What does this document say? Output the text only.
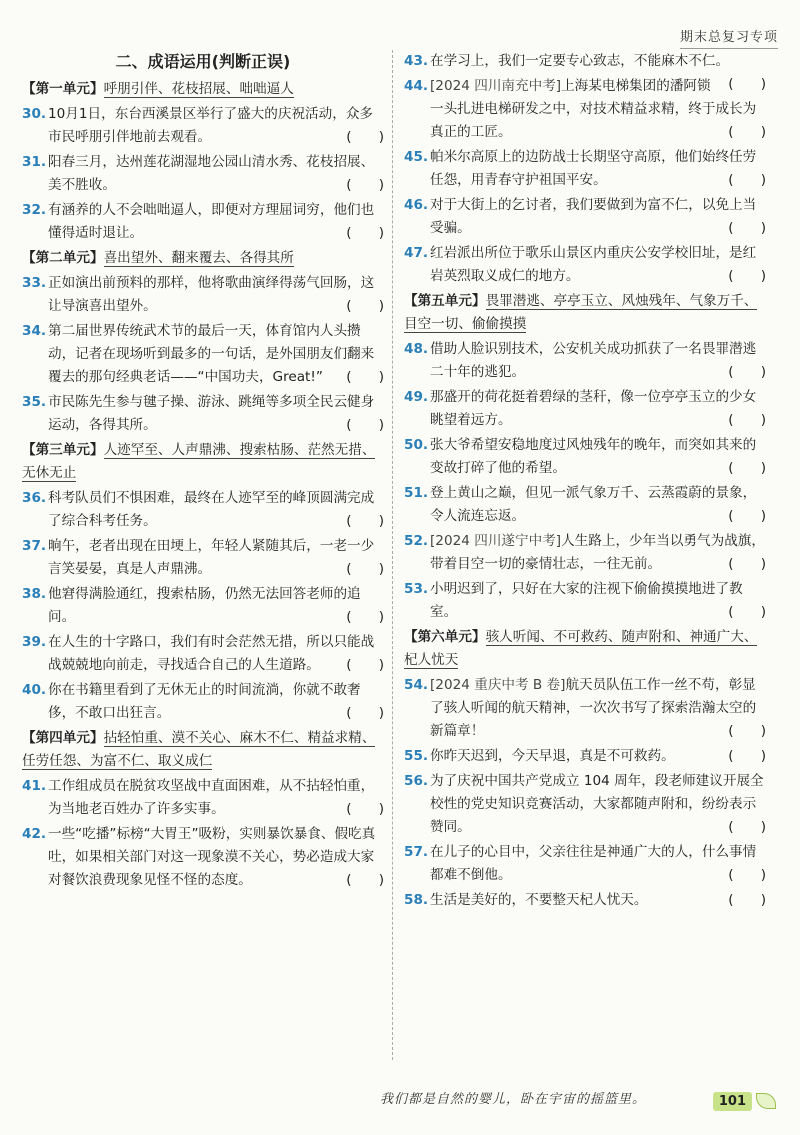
期末总复习专项
二、成语运用(判断正误)
【第一单元】呼朋引伴、花枝招展、咄咄逼人
30. 10月1日，东台西溪景区举行了盛大的庆祝活动，众多市民呼朋引伴地前去观看。	(　　)
31. 阳春三月，达州莲花湖湿地公园山清水秀、花枝招展、美不胜收。	(　　)
32. 有涵养的人不会咄咄逼人，即便对方理屈词穷，他们也懂得适时退让。	(　　)
【第二单元】喜出望外、翻来覆去、各得其所
33. 正如演出前预料的那样，他将歌曲演绎得荡气回肠，这让导演喜出望外。	(　　)
34. 第二届世界传统武术节的最后一天，体育馆内人头攒动，记者在现场听到最多的一句话，是外国朋友们翻来覆去的那句经典老话——“中国功夫，Great!” (　　)
35. 市民陈先生参与毽子操、游泳、跳绳等多项全民云健身运动，各得其所。	(　　)
【第三单元】人迹罕至、人声鼎沸、搜索枯肠、茫然无措、无休无止
36. 科考队员们不惧困难，最终在人迹罕至的峰顶圆满完成了综合科考任务。	(　　)
37. 晌午，老者出现在田埂上，年轻人紧随其后，一老一少言笑晏晏，真是人声鼎沸。	(　　)
38. 他窘得满脸通红，搜索枯肠，仍然无法回答老师的追问。	(　　)
39. 在人生的十字路口，我们有时会茫然无措，所以只能战战兢兢地向前走，寻找适合自己的人生道路。 (　　)
40. 你在书籍里看到了无休无止的时间流淌，你就不敢奢侈，不敢口出狂言。	(　　)
【第四单元】拈轻怕重、漠不关心、麻木不仁、精益求精、任劳任怨、为富不仁、取义成仁
41. 工作组成员在脱贫攻坚战中直面困难，从不拈轻怕重，为当地老百姓办了许多实事。	(　　)
42. 一些“吃播”标榜“大胃王”吸粉，实则暴饮暴食、假吃真吐，如果相关部门对这一现象漠不关心，势必造成大家对餐饮浪费现象见怪不怪的态度。	(　　)
43. 在学习上，我们一定要专心致志，不能麻木不仁。
(　　)
44. [2024 四川南充中考]上海某电梯集团的潘阿锁一头扎进电梯研发之中，对技术精益求精，终于成长为真正的工匠。	(　　)
45. 帕米尔高原上的边防战士长期坚守高原，他们始终任劳任怨，用青春守护祖国平安。	(　　)
46. 对于大街上的乞讨者，我们要做到为富不仁，以免上当受骗。	(　　)
47. 红岩派出所位于歌乐山景区内重庆公安学校旧址，是红岩英烈取义成仁的地方。	(　　)
【第五单元】畏罪潜逃、亭亭玉立、风烛残年、气象万千、目空一切、偷偷摸摸
48. 借助人脸识别技术，公安机关成功抓获了一名畏罪潜逃二十年的逃犯。	(　　)
49. 那盛开的荷花挺着碧绿的茎秆，像一位亭亭玉立的少女眺望着远方。	(　　)
50. 张大爷希望安稳地度过风烛残年的晚年，而突如其来的变故打碎了他的希望。	(　　)
51. 登上黄山之巅，但见一派气象万千、云蒸霞蔚的景象，令人流连忘返。	(　　)
52. [2024 四川遂宁中考]人生路上，少年当以勇气为战旗，带着目空一切的豪情壮志，一往无前。	(　　)
53. 小明迟到了，只好在大家的注视下偷偷摸摸地进了教室。	(　　)
【第六单元】骇人听闻、不可救药、随声附和、神通广大、杞人忧天
54. [2024 重庆中考 B 卷]航天员队伍工作一丝不苟，彰显了骇人听闻的航天精神，一次次书写了探索浩瀚太空的新篇章！	(　　)
55. 你昨天迟到，今天早退，真是不可救药。	(　　)
56. 为了庆祝中国共产党成立 104 周年，段老师建议开展全校性的党史知识竞赛活动，大家都随声附和，纷纷表示赞同。	(　　)
57. 在儿子的心目中，父亲往往是神通广大的人，什么事情都难不倒他。	(　　)
58. 生活是美好的，不要整天杞人忧天。	(　　)
我们都是自然的婴儿，卧在宇宙的摇篮里。	101
